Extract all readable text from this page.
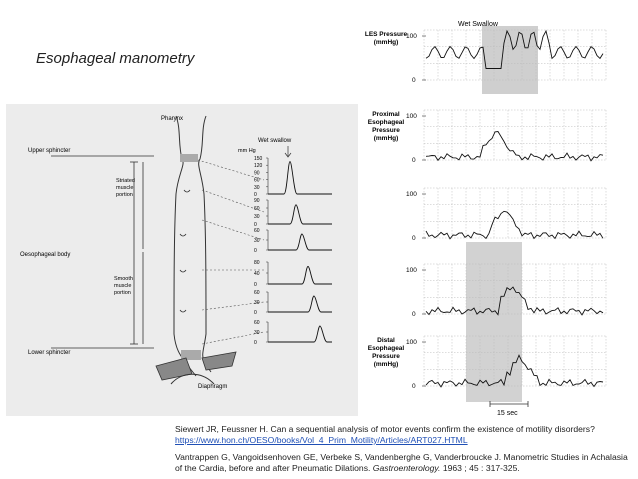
Esophageal manometry
Pharynx
Upper sphincter
Striated
muscle
portion
Oesophageal body
Smooth
muscle
portion
Lower sphincter
Diaphragm
Wet swallow
mm Hg
150
120
90
60
30
0
90
60
30
0
60
30
0
80
40
0
60
30
0
60
30
0
Wet Swallow
100
0
LES Pressure
(mmHg)
100
0
Proximal
Esophageal
Pressure
(mmHg)
100
0
100
0
100
0
Distal
Esophageal
Pressure
(mmHg)
15 sec

Siewert JR, Feussner H. Can a sequential analysis of motor events confirm the existence of motility disorders?

https://www.hon.ch/OESO/books/Vol_4_Prim_Motility/Articles/ART027.HTML

Vantrappen G, Vangoidsenhoven GE, Verbeke S, Vandenberghe G, Vanderbroucke J. Manometric Studies in Achalasia of the Cardia, before and after Pneumatic Dilations. Gastroenterology. 1963 ; 45 : 317-325.
